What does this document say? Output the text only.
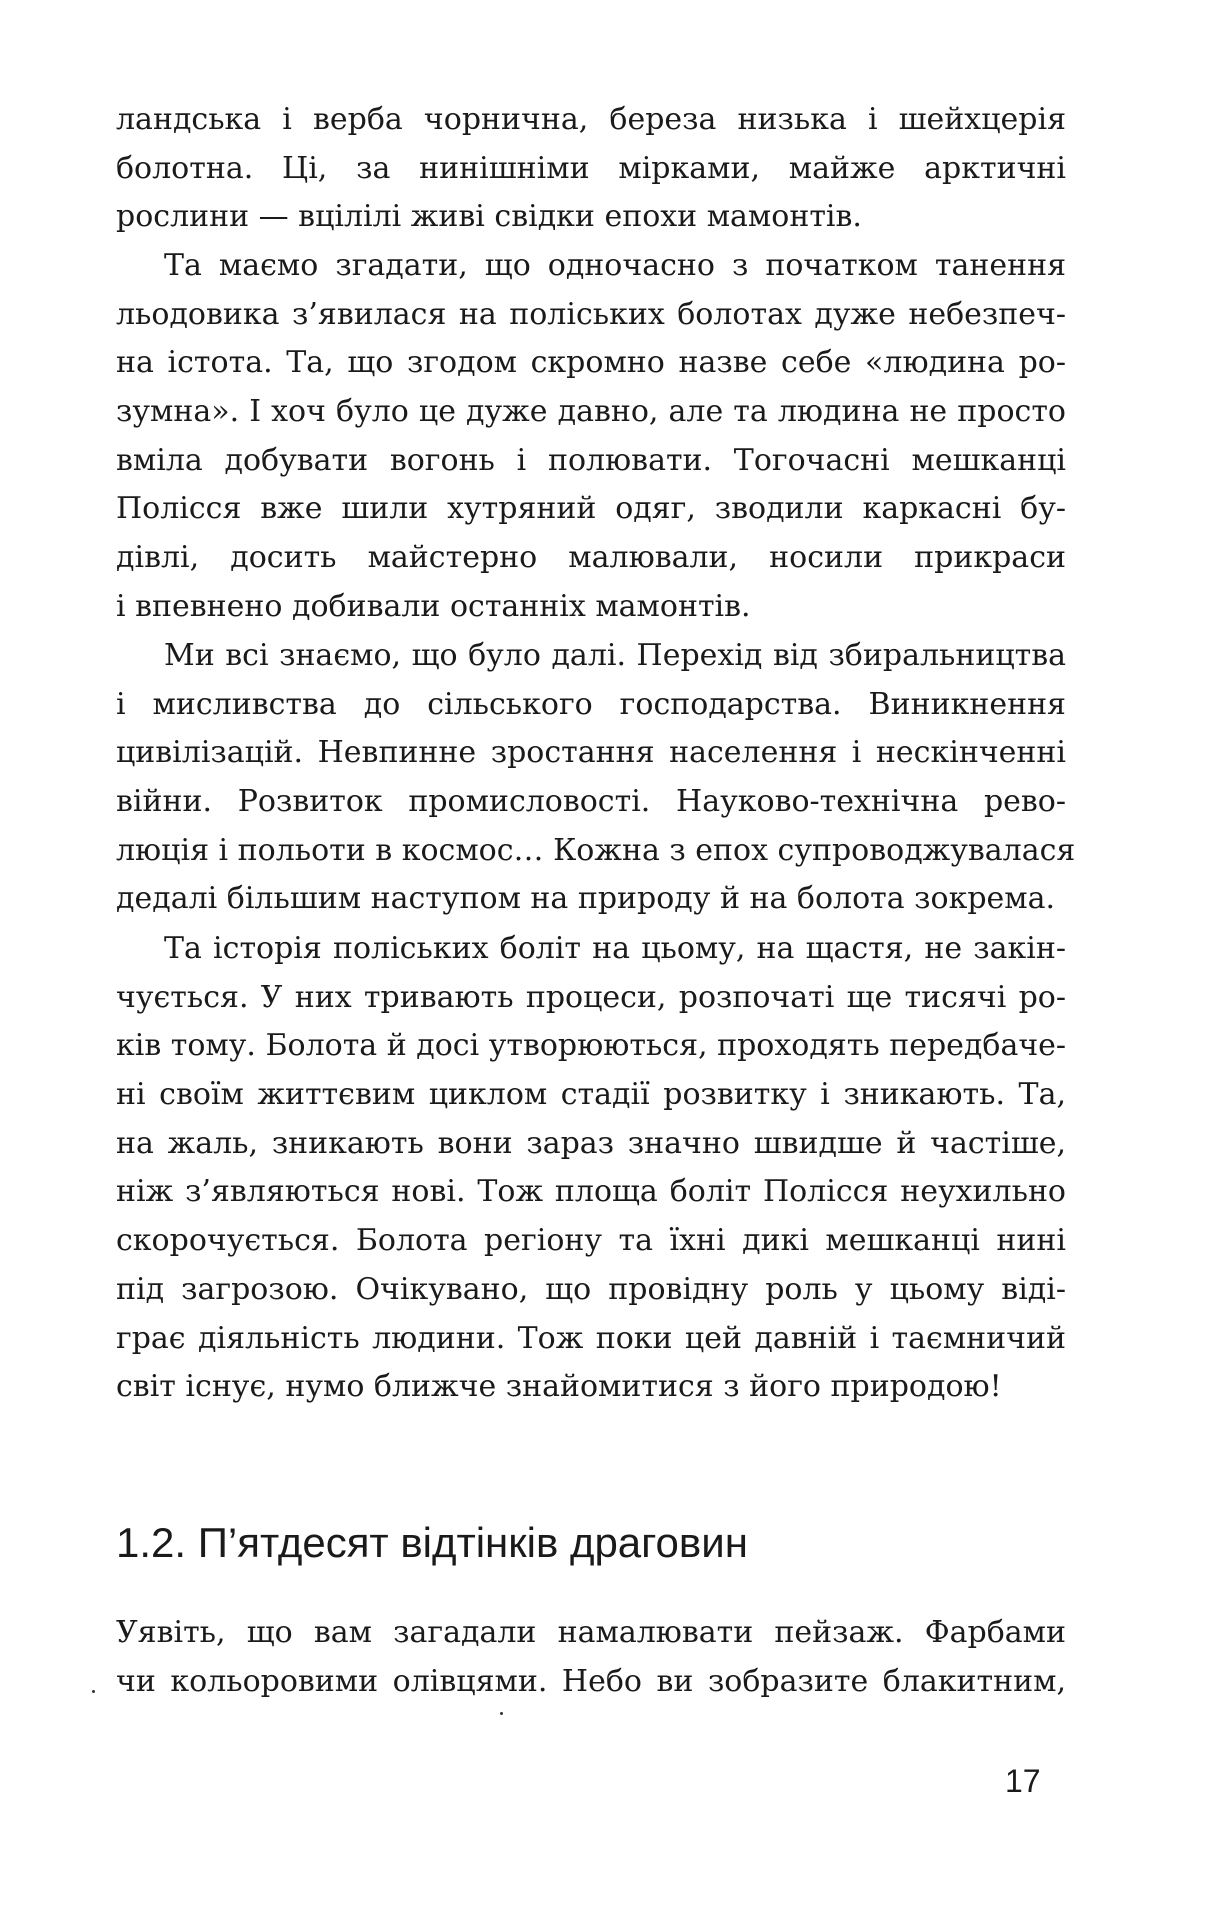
ландська і верба чорнична, береза низька і шейхцерія
болотна. Ці, за нинішніми мірками, майже арктичні
рослини — вцілілі живі свідки епохи мамонтів.
Та маємо згадати, що одночасно з початком танення
льодовика з’явилася на поліських болотах дуже небезпеч-
на істота. Та, що згодом скромно назве себе «людина ро-
зумна». І хоч було це дуже давно, але та людина не просто
вміла добувати вогонь і полювати. Тогочасні мешканці
Полісся вже шили хутряний одяг, зводили каркасні бу-
дівлі, досить майстерно малювали, носили прикраси
і впевнено добивали останніх мамонтів.
Ми всі знаємо, що було далі. Перехід від збиральництва
і мисливства до сільського господарства. Виникнення
цивілізацій. Невпинне зростання населення і нескінченні
війни. Розвиток промисловості. Науково-технічна рево-
люція і польоти в космос… Кожна з епох супроводжувалася
дедалі більшим наступом на природу й на болота зокрема.
Та історія поліських боліт на цьому, на щастя, не закін-
чується. У них тривають процеси, розпочаті ще тисячі ро-
ків тому. Болота й досі утворюються, проходять передбаче-
ні своїм життєвим циклом стадії розвитку і зникають. Та,
на жаль, зникають вони зараз значно швидше й частіше,
ніж з’являються нові. Тож площа боліт Полісся неухильно
скорочується. Болота регіону та їхні дикі мешканці нині
під загрозою. Очікувано, що провідну роль у цьому віді-
грає діяльність людини. Тож поки цей давній і таємничий
світ існує, нумо ближче знайомитися з його природою!
1.2. П’ятдесят відтінків драговин
Уявіть, що вам загадали намалювати пейзаж. Фарбами
чи кольоровими олівцями. Небо ви зобразите блакитним,
17
